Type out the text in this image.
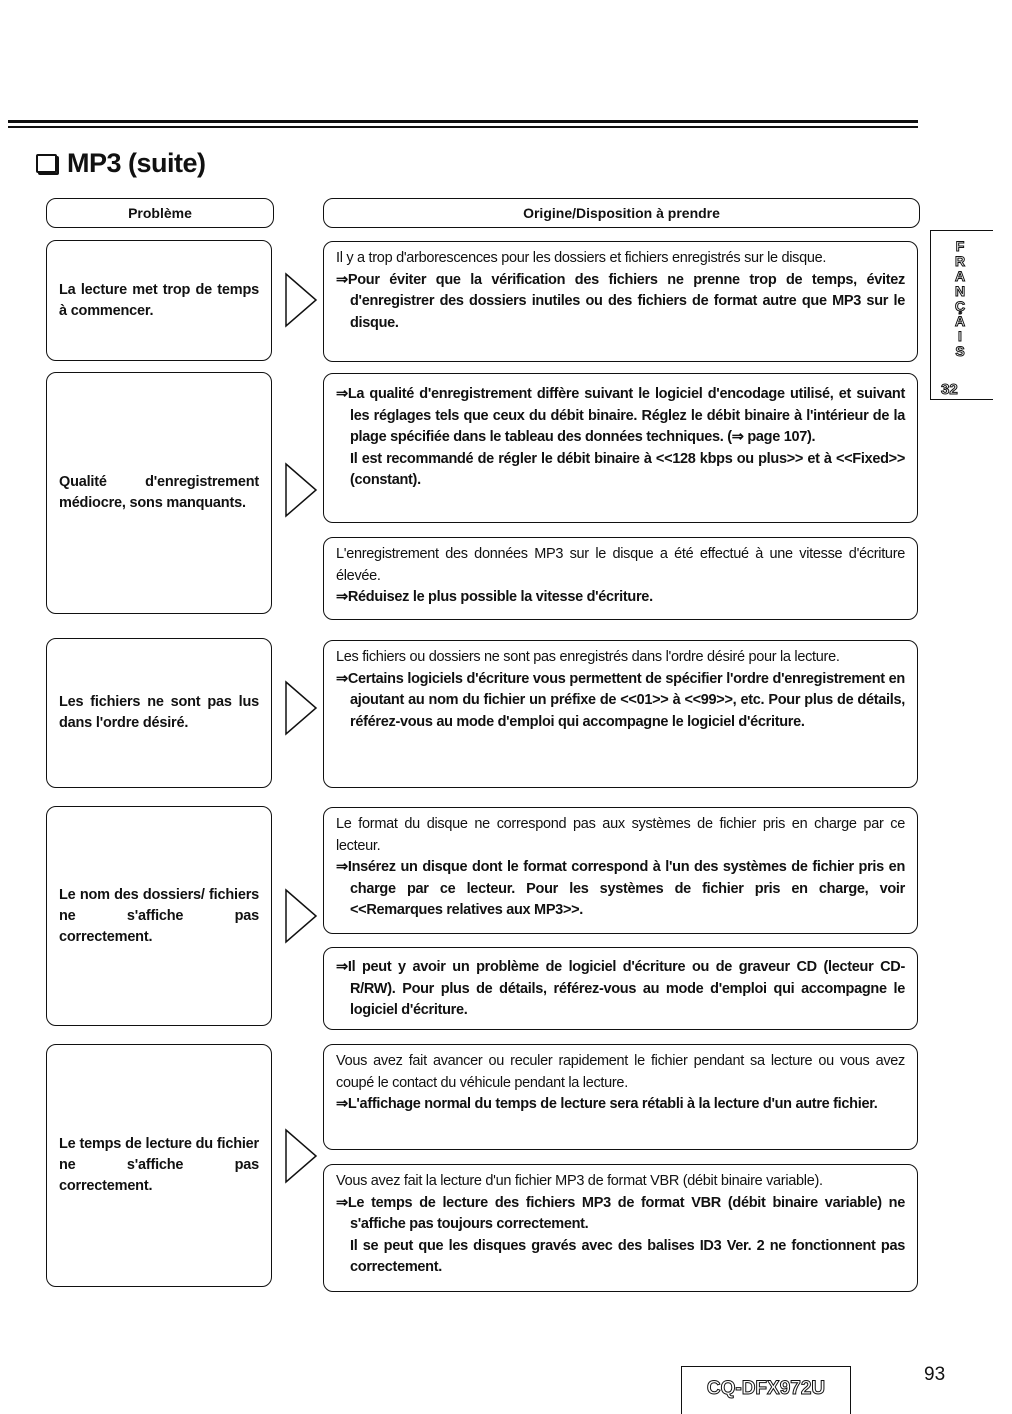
MP3 (suite)
Problème	Origine/Disposition à prendre
La lecture met trop de temps à commencer.

Il y a trop d'arborescences pour les dossiers et fichiers enregistrés sur le disque.

⇒Pour éviter que la vérification des fichiers ne prenne trop de temps, évitez d'enregistrer des dossiers inutiles ou des fichiers de format autre que MP3 sur le disque.

Qualité d'enregistrement médiocre, sons manquants.

⇒La qualité d'enregistrement diffère suivant le logiciel d'encodage utilisé, et suivant les réglages tels que ceux du débit binaire. Réglez le débit binaire à l'intérieur de la plage spécifiée dans le tableau des données techniques. (⇒ page 107).

Il est recommandé de régler le débit binaire à <<128 kbps ou plus>> et à <<Fixed>> (constant).

L'enregistrement des données MP3 sur le disque a été effectué à une vitesse d'écriture élevée.

⇒Réduisez le plus possible la vitesse d'écriture.

Les fichiers ne sont pas lus dans l'ordre désiré.

Les fichiers ou dossiers ne sont pas enregistrés dans l'ordre désiré pour la lecture.

⇒Certains logiciels d'écriture vous permettent de spécifier l'ordre d'enregistrement en ajoutant au nom du fichier un préfixe de <<01>> à <<99>>, etc. Pour plus de détails, référez-vous au mode d'emploi qui accompagne le logiciel d'écriture.

Le nom des dossiers/ fichiers ne s'affiche pas correctement.

Le format du disque ne correspond pas aux systèmes de fichier pris en charge par ce lecteur.

⇒Insérez un disque dont le format correspond à l'un des systèmes de fichier pris en charge par ce lecteur. Pour les systèmes de fichier pris en charge, voir <<Remarques relatives aux MP3>>.

⇒Il peut y avoir un problème de logiciel d'écriture ou de graveur CD (lecteur CD-R/RW). Pour plus de détails, référez-vous au mode d'emploi qui accompagne le logiciel d'écriture.

Le temps de lecture du fichier ne s'affiche pas correctement.

Vous avez fait avancer ou reculer rapidement le fichier pendant sa lecture ou vous avez coupé le contact du véhicule pendant la lecture.

⇒L'affichage normal du temps de lecture sera rétabli à la lecture d'un autre fichier.

Vous avez fait la lecture d'un fichier MP3 de format VBR (débit binaire variable).

⇒Le temps de lecture des fichiers MP3 de format VBR (débit binaire variable) ne s'affiche pas toujours correctement.

Il se peut que les disques gravés avec des balises ID3 Ver. 2 ne fonctionnent pas correctement.

F
R
A
N
Ç
A
I
S
32
CQ-DFX972U
93
